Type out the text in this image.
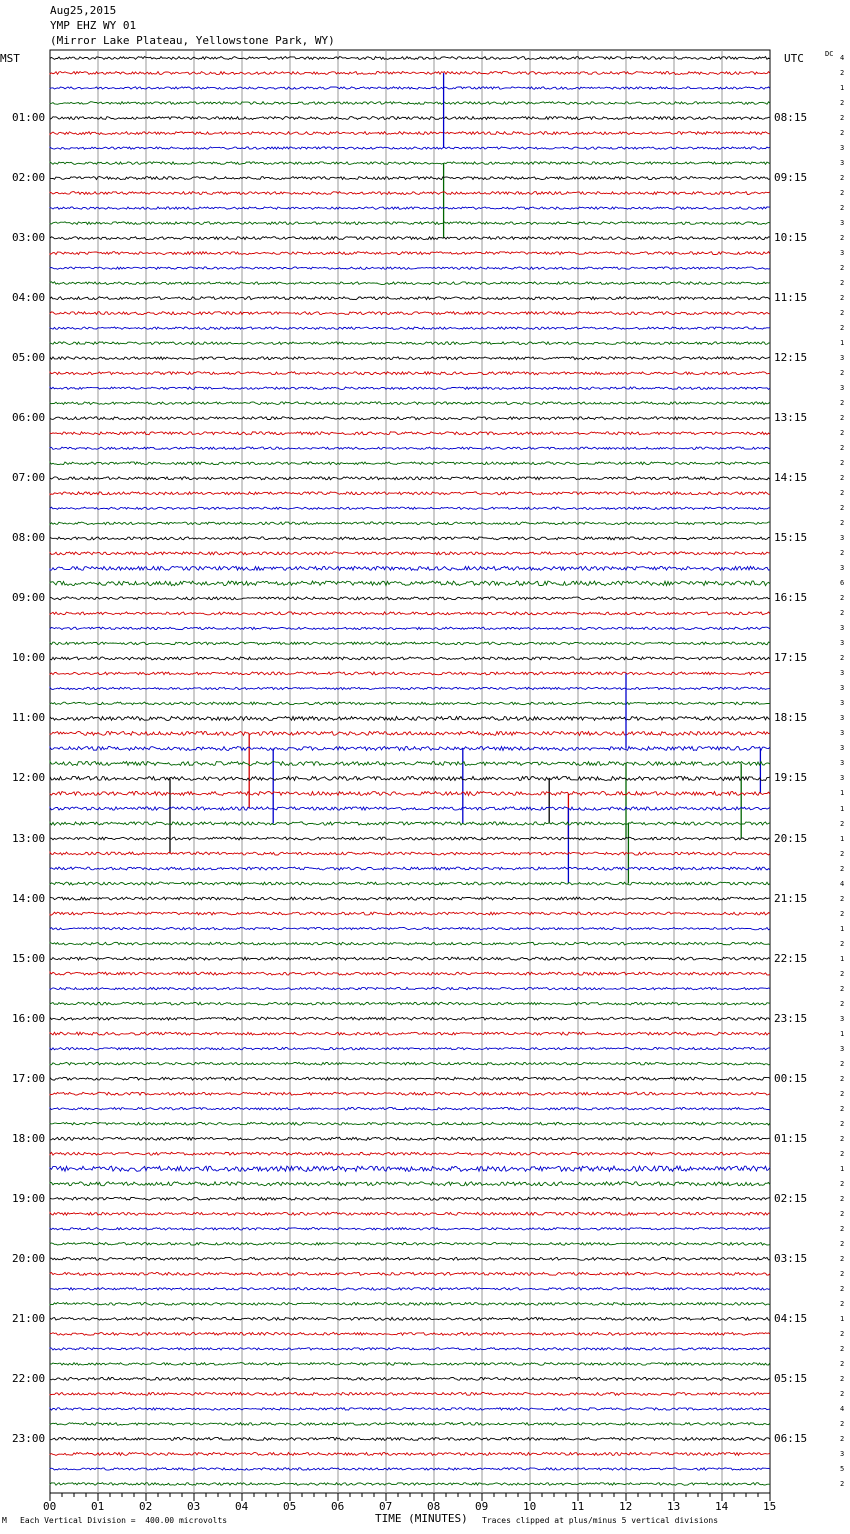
Aug25,2015
YMP EHZ WY 01
(Mirror Lake Plateau, Yellowstone Park, WY)
MST	UTC	DC
01:00
02:00
03:00
04:00
05:00
06:00
07:00
08:00
09:00
10:00
11:00
12:00
13:00
14:00
15:00
16:00
17:00
18:00
19:00
20:00
21:00
22:00
23:00
08:15
09:15
10:15
11:15
12:15
13:15
14:15
15:15
16:15
17:15
18:15
19:15
20:15
21:15
22:15
23:15
00:15
01:15
02:15
03:15
04:15
05:15
06:15
4
2
1
2
2
2
3
3
2
2
2
3
2
3
2
2
2
2
2
1
3
2
3
2
2
2
2
2
2
2
2
2
3
2
3
6
2
2
3
3
2
3
3
3
3
3
3
3
3
1
1
2
1
2
2
4
2
2
1
2
1
2
2
2
3
1
3
2
2
2
2
2
2
2
1
2
2
2
2
2
2
2
2
2
1
2
2
2
2
2
4
2
2
3
5
2
TIME (MINUTES)
Each Vertical Division =  400.00 microvolts	Traces clipped at plus/minus 5 vertical divisions
M
00	01	02	03	04	05	06	07	08	09	10	11	12	13	14	15
